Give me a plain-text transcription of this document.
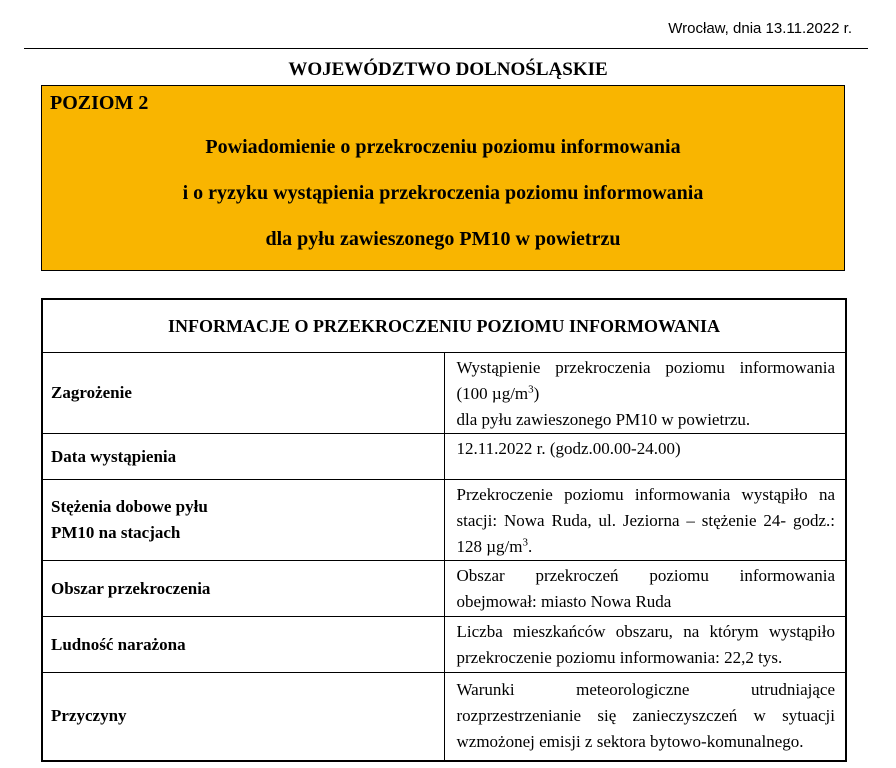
Wrocław, dnia 13.11.2022 r.
WOJEWÓDZTWO DOLNOŚLĄSKIE
POZIOM 2
Powiadomienie o przekroczeniu poziomu informowania
i o ryzyku wystąpienia przekroczenia poziomu informowania
dla pyłu zawieszonego PM10 w powietrzu
INFORMACJE O PRZEKROCZENIU POZIOMU INFORMOWANIA	
Zagrożenie	Wystąpienie przekroczenia poziomu informowania (100 $\mu g/m^3$)
dla pyłu zawieszonego PM10 w powietrzu.
Data wystąpienia	12.11.2022 r. (godz.00.00-24.00)
Stężenia dobowe pyłu
PM10 na stacjach	Przekroczenie poziomu informowania wystąpiło na stacji: Nowa Ruda, ul. Jeziorna – stężenie 24- godz.: 128 $\mu g/m^3$.
Obszar przekroczenia	Obszar przekroczeń poziomu informowania obejmował: miasto Nowa Ruda
Ludność narażona	Liczba mieszkańców obszaru, na którym wystąpiło przekroczenie poziomu informowania: 22,2 tys.
Przyczyny	Warunki meteorologiczne utrudniające rozprzestrzenianie się zanieczyszczeń w sytuacji wzmożonej emisji z sektora bytowo-komunalnego.
